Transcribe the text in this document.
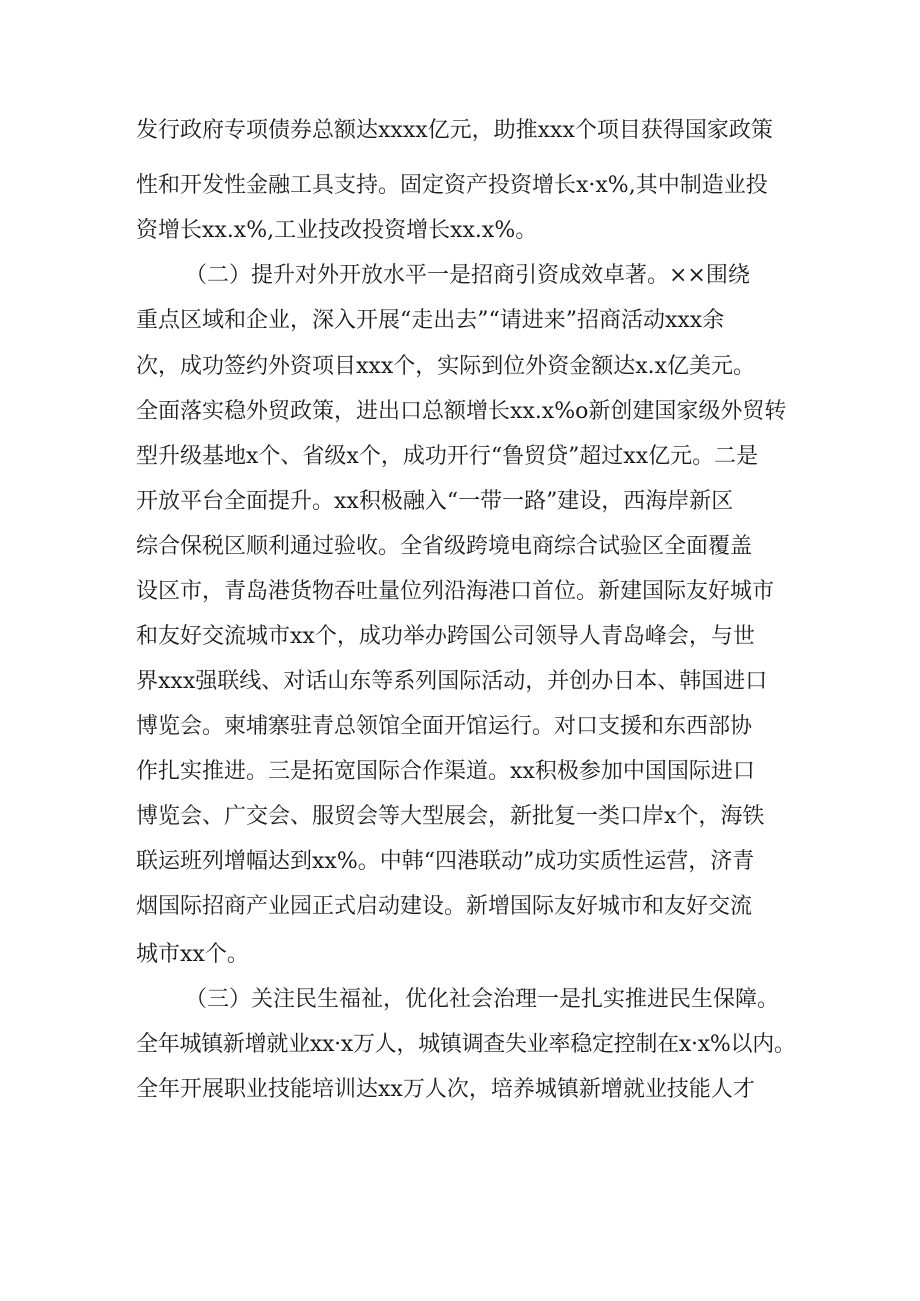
发行政府专项债券总额达xxxx亿元，助推xxx个项目获得国家政策
性和开发性金融工具支持。固定资产投资增长x·x%,其中制造业投
资增长xx.x%,工业技改投资增长xx.x%。
（二）提升对外开放水平一是招商引资成效卓著。××围绕
重点区域和企业，深入开展“走出去”“请进来”招商活动xxx余
次，成功签约外资项目xxx个，实际到位外资金额达x.x亿美元。
全面落实稳外贸政策，进出口总额增长xx.x%o新创建国家级外贸转
型升级基地x个、省级x个，成功开行“鲁贸贷”超过xx亿元。二是
开放平台全面提升。xx积极融入“一带一路”建设，西海岸新区
综合保税区顺利通过验收。全省级跨境电商综合试验区全面覆盖
设区市，青岛港货物吞吐量位列沿海港口首位。新建国际友好城市
和友好交流城市xx个，成功举办跨国公司领导人青岛峰会，与世
界xxx强联线、对话山东等系列国际活动，并创办日本、韩国进口
博览会。柬埔寨驻青总领馆全面开馆运行。对口支援和东西部协
作扎实推进。三是拓宽国际合作渠道。xx积极参加中国国际进口
博览会、广交会、服贸会等大型展会，新批复一类口岸x个，海铁
联运班列增幅达到xx%。中韩“四港联动”成功实质性运营，济青
烟国际招商产业园正式启动建设。新增国际友好城市和友好交流
城市xx个。
（三）关注民生福祉，优化社会治理一是扎实推进民生保障。
全年城镇新增就业xx·x万人，城镇调查失业率稳定控制在x·x%以内。
全年开展职业技能培训达xx万人次，培养城镇新增就业技能人才
